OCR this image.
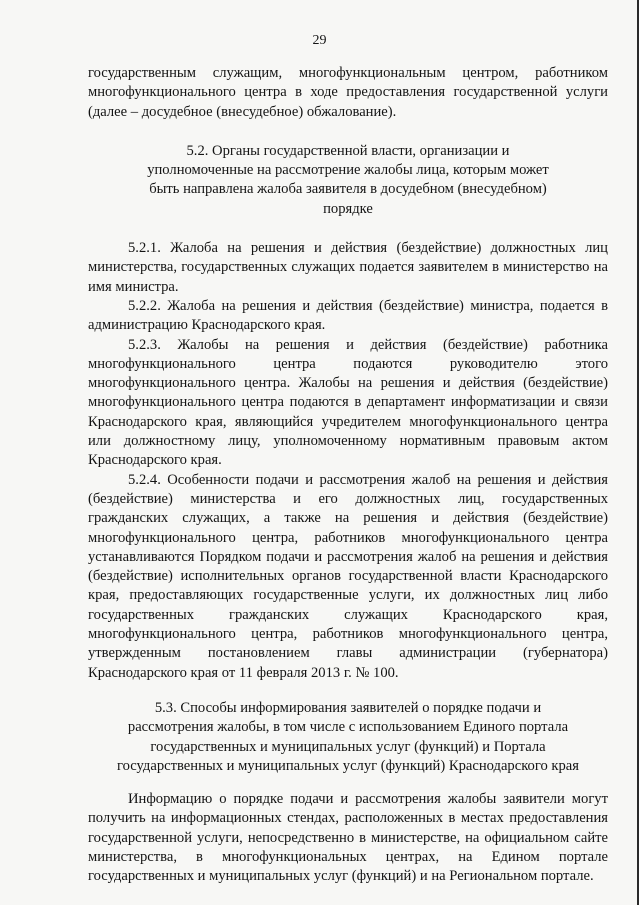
29

государственным служащим, многофункциональным центром, работником многофункционального центра в ходе предоставления государственной услуги (далее – досудебное (внесудебное) обжалование).

5.2. Органы государственной власти, организации и уполномоченные на рассмотрение жалобы лица, которым может быть направлена жалоба заявителя в досудебном (внесудебном) порядке

5.2.1. Жалоба на решения и действия (бездействие) должностных лиц министерства, государственных служащих подается заявителем в министерство на имя министра.

5.2.2. Жалоба на решения и действия (бездействие) министра, подается в администрацию Краснодарского края.

5.2.3. Жалобы на решения и действия (бездействие) работника многофункционального центра подаются руководителю этого многофункционального центра. Жалобы на решения и действия (бездействие) многофункционального центра подаются в департамент информатизации и связи Краснодарского края, являющийся учредителем многофункционального центра или должностному лицу, уполномоченному нормативным правовым актом Краснодарского края.

5.2.4. Особенности подачи и рассмотрения жалоб на решения и действия (бездействие) министерства и его должностных лиц, государственных гражданских служащих, а также на решения и действия (бездействие) многофункционального центра, работников многофункционального центра устанавливаются Порядком подачи и рассмотрения жалоб на решения и действия (бездействие) исполнительных органов государственной власти Краснодарского края, предоставляющих государственные услуги, их должностных лиц либо государственных гражданских служащих Краснодарского края, многофункционального центра, работников многофункционального центра, утвержденным постановлением главы администрации (губернатора) Краснодарского края от 11 февраля 2013 г. № 100.

5.3. Способы информирования заявителей о порядке подачи и рассмотрения жалобы, в том числе с использованием Единого портала государственных и муниципальных услуг (функций) и Портала государственных и муниципальных услуг (функций) Краснодарского края

Информацию о порядке подачи и рассмотрения жалобы заявители могут получить на информационных стендах, расположенных в местах предоставления государственной услуги, непосредственно в министерстве, на официальном сайте министерства, в многофункциональных центрах, на Едином портале государственных и муниципальных услуг (функций) и на Региональном портале.
